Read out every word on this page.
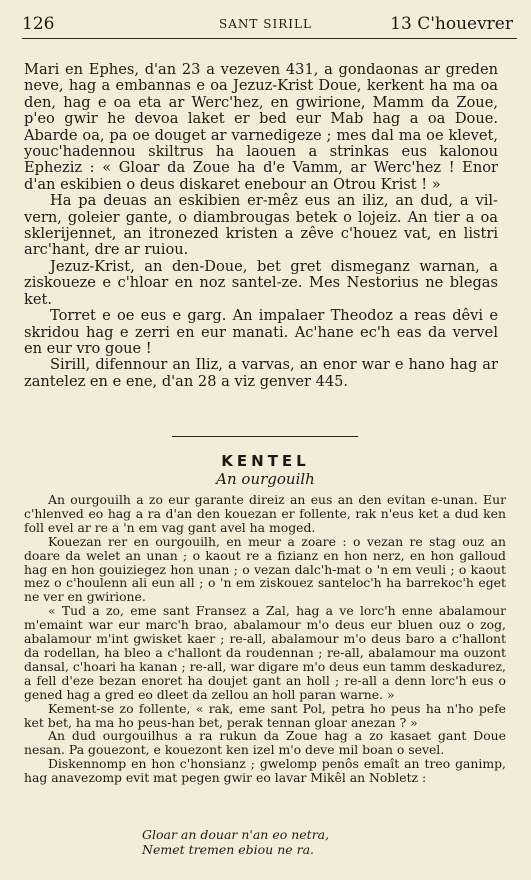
126	SANT SIRILL	13 C'houevrer

Mari en Ephes, d'an 23 a vezeven 431, a gondaonas ar greden neve, hag a embannas e oa Jezuz-Krist Doue, kerkent ha ma oa den, hag e oa eta ar Werc'hez, en gwirione, Mamm da Zoue, p'eo gwir he devoa laket er bed eur Mab hag a oa Doue. Abarde oa, pa oe douget ar varnedigeze ; mes dal ma oe klevet, youc'hadennou skiltrus ha laouen a strinkas eus kalonou Epheziz : « Gloar da Zoue ha d'e Vamm, ar Werc'hez ! Enor d'an eskibien o deus diskaret enebour an Otrou Krist ! »

Ha pa deuas an eskibien er-mêz eus an iliz, an dud, a vil-vern, goleier gante, o diambrougas betek o lojeiz. An tier a oa sklerijennet, an itronezed kristen a zêve c'houez vat, en listri arc'hant, dre ar ruiou.

Jezuz-Krist, an den-Doue, bet gret dismeganz warnan, a ziskoueze e c'hloar en noz santel-ze. Mes Nestorius ne blegas ket.

Torret e oe eus e garg. An impalaer Theodoz a reas dêvi e skridou hag e zerri en eur manati. Ac'hane ec'h eas da vervel en eur vro goue !

Sirill, difennour an Iliz, a varvas, an enor war e hano hag ar zantelez en e ene, d'an 28 a viz genver 445.

KENTEL
An ourgouilh

An ourgouilh a zo eur garante direiz an eus an den evitan e-unan. Eur c'hlenved eo hag a ra d'an den kouezan er follente, rak n'eus ket a dud ken foll evel ar re a 'n em vag gant avel ha moged.

Kouezan rer en ourgouilh, en meur a zoare : o vezan re stag ouz an doare da welet an unan ; o kaout re a fizianz en hon nerz, en hon galloud hag en hon gouiziegez hon unan ; o vezan dalc'h-mat o 'n em veuli ; o kaout mez o c'houlenn ali eun all ; o 'n em ziskouez santeloc'h ha barrekoc'h eget ne ver en gwirione.

« Tud a zo, eme sant Fransez a Zal, hag a ve lorc'h enne abalamour m'emaint war eur marc'h brao, abalamour m'o deus eur bluen ouz o zog, abalamour m'int gwisket kaer ; re-all, abalamour m'o deus baro a c'hallont da rodellan, ha bleo a c'hallont da roudennan ; re-all, abalamour ma ouzont dansal, c'hoari ha kanan ; re-all, war digare m'o deus eun tamm deskadurez, a fell d'eze bezan enoret ha doujet gant an holl ; re-all a denn lorc'h eus o gened hag a gred eo dleet da zellou an holl paran warne. »

Kement-se zo follente, « rak, eme sant Pol, petra ho peus ha n'ho pefe ket bet, ha ma ho peus-han bet, perak tennan gloar anezan ? »

An dud ourgouilhus a ra rukun da Zoue hag a zo kasaet gant Doue nesan. Pa gouezont, e kouezont ken izel m'o deve mil boan o sevel.

Diskennomp en hon c'honsianz ; gwelomp penôs emaît an treo ganimp, hag anavezomp evit mat pegen gwir eo lavar Mikêl an Nobletz :

Gloar an douar n'an eo netra,
Nemet tremen ebiou ne ra.
